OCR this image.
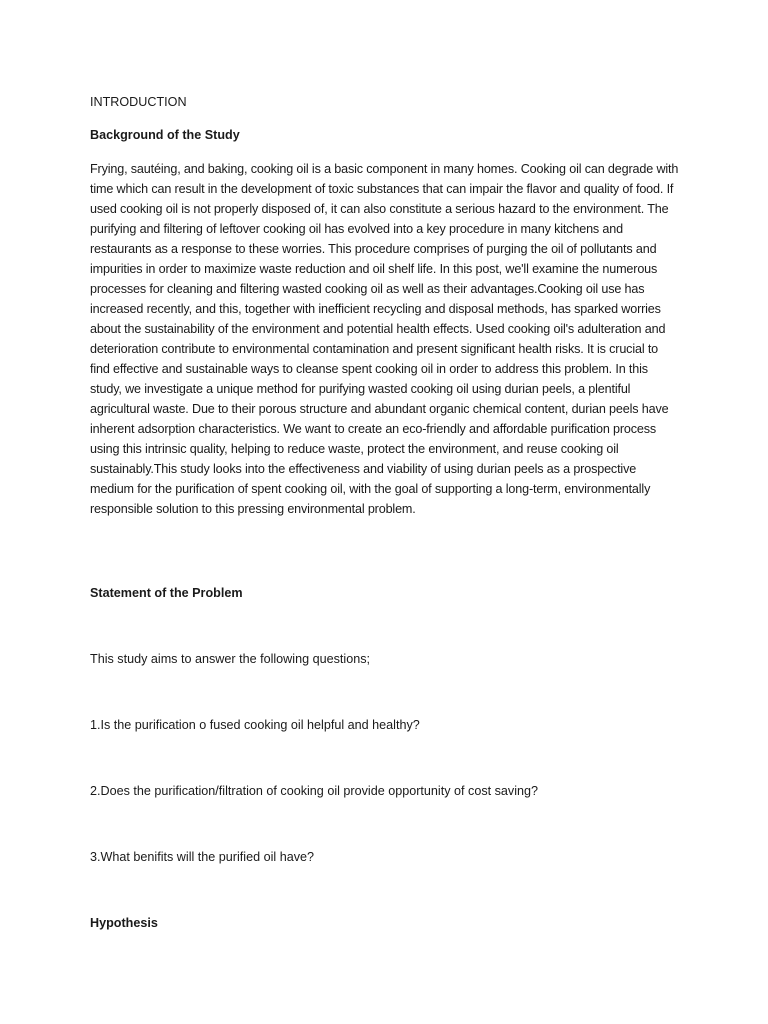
INTRODUCTION

Background of the Study

Frying, sautéing, and baking, cooking oil is a basic component in many homes. Cooking oil can degrade with time which can result in the development of toxic substances that can impair the flavor and quality of food. If used cooking oil is not properly disposed of, it can also constitute a serious hazard to the environment. The purifying and filtering of leftover cooking oil has evolved into a key procedure in many kitchens and restaurants as a response to these worries. This procedure comprises of purging the oil of pollutants and impurities in order to maximize waste reduction and oil shelf life. In this post, we'll examine the numerous processes for cleaning and filtering wasted cooking oil as well as their advantages.Cooking oil use has increased recently, and this, together with inefficient recycling and disposal methods, has sparked worries about the sustainability of the environment and potential health effects. Used cooking oil's adulteration and deterioration contribute to environmental contamination and present significant health risks. It is crucial to find effective and sustainable ways to cleanse spent cooking oil in order to address this problem. In this study, we investigate a unique method for purifying wasted cooking oil using durian peels, a plentiful agricultural waste. Due to their porous structure and abundant organic chemical content, durian peels have inherent adsorption characteristics. We want to create an eco-friendly and affordable purification process using this intrinsic quality, helping to reduce waste, protect the environment, and reuse cooking oil sustainably.This study looks into the effectiveness and viability of using durian peels as a prospective medium for the purification of spent cooking oil, with the goal of supporting a long-term, environmentally responsible solution to this pressing environmental problem.

Statement of the Problem

This study aims to answer the following questions;

1.Is the purification o fused cooking oil helpful and healthy?

2.Does the purification/filtration of cooking oil provide opportunity of cost saving?

3.What benifits will the purified oil have?

Hypothesis
